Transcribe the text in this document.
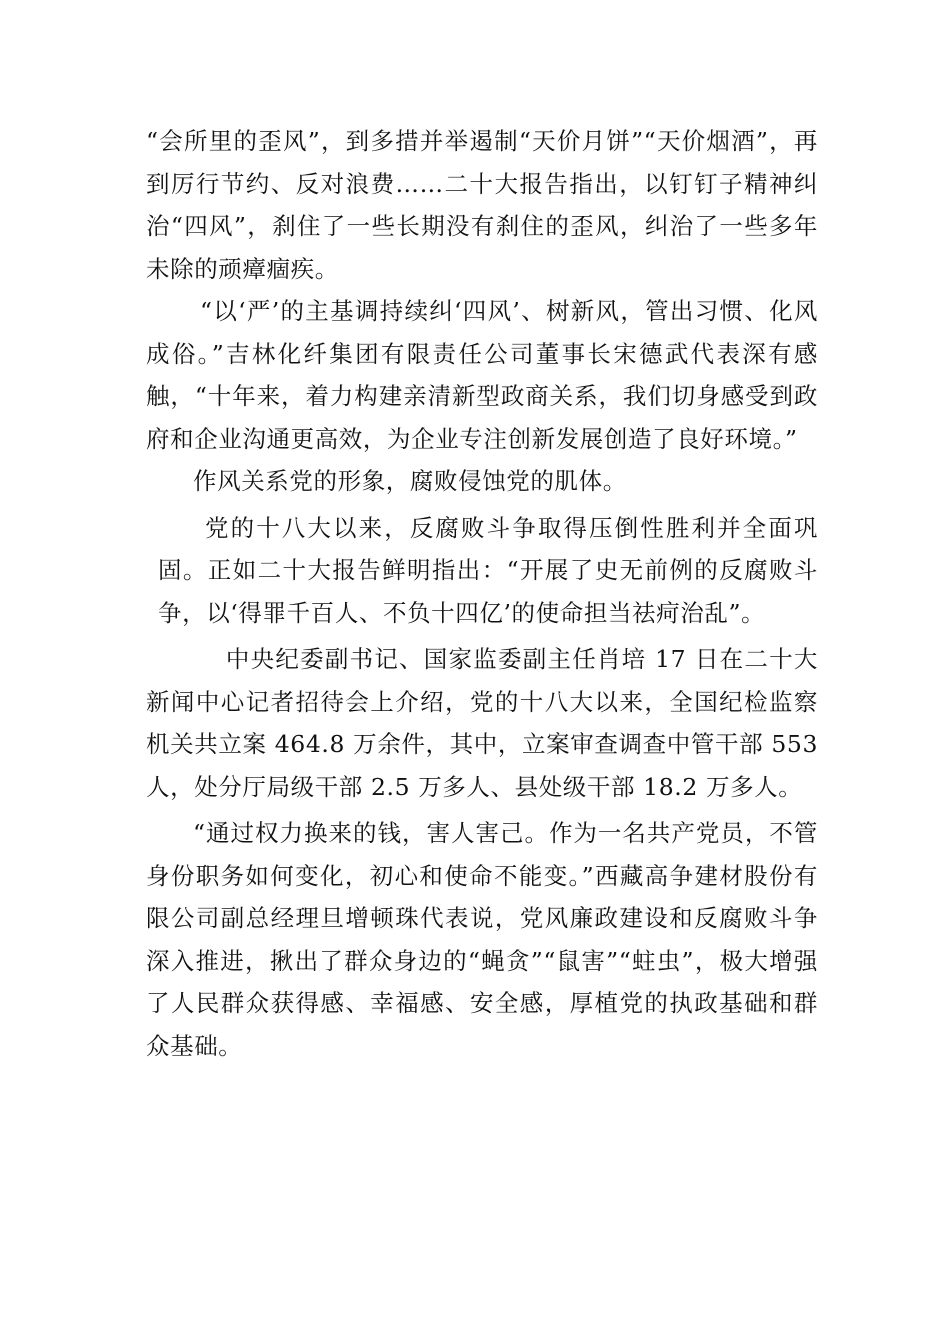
“会所里的歪风”，到多措并举遏制“天价月饼”“天价烟酒”，再到厉行节约、反对浪费……二十大报告指出，以钉钉子精神纠治“四风”，刹住了一些长期没有刹住的歪风，纠治了一些多年未除的顽瘴痼疾。

“以‘严’的主基调持续纠‘四风’、树新风，管出习惯、化风成俗。”吉林化纤集团有限责任公司董事长宋德武代表深有感触，“十年来，着力构建亲清新型政商关系，我们切身感受到政府和企业沟通更高效，为企业专注创新发展创造了良好环境。”

作风关系党的形象，腐败侵蚀党的肌体。

党的十八大以来，反腐败斗争取得压倒性胜利并全面巩固。正如二十大报告鲜明指出：“开展了史无前例的反腐败斗争，以‘得罪千百人、不负十四亿’的使命担当祛疴治乱”。

中央纪委副书记、国家监委副主任肖培 17 日在二十大新闻中心记者招待会上介绍，党的十八大以来，全国纪检监察机关共立案 464.8 万余件，其中，立案审查调查中管干部 553 人，处分厅局级干部 2.5 万多人、县处级干部 18.2 万多人。

“通过权力换来的钱，害人害己。作为一名共产党员，不管身份职务如何变化，初心和使命不能变。”西藏高争建材股份有限公司副总经理旦增顿珠代表说，党风廉政建设和反腐败斗争深入推进，揪出了群众身边的“蝇贪”“鼠害”“蛀虫”，极大增强了人民群众获得感、幸福感、安全感，厚植党的执政基础和群众基础。
